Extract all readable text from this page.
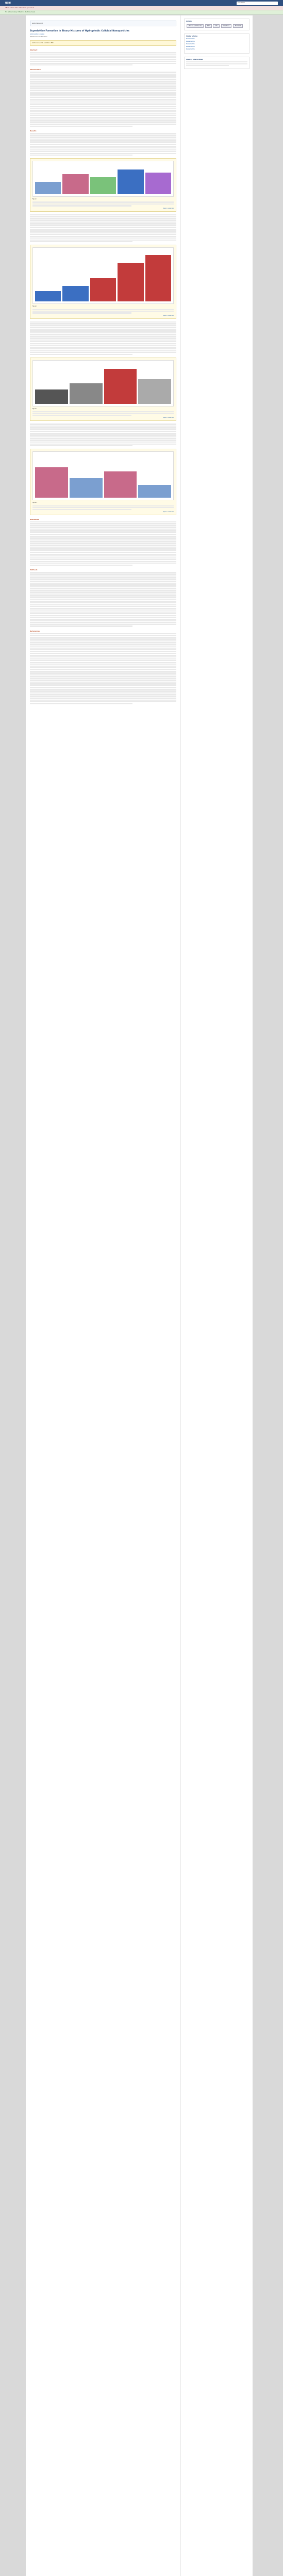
NCBI	Search PMC
Official website of the United States government
The National Library of Medicine (NLM) has moved
Author Manuscript
Superlattice Formation in Binary Mixtures of Hydrophobic Colloidal Nanoparticles
Authors listed in original
Published in final edited form
Author manuscript; available in PMC.
Abstract
Introduction
Results
Figure 1
Open in a new tab
Figure 2
Open in a new tab
Figure 3
Open in a new tab
Figure 4
Open in a new tab
Discussion
Methods
References
Actions
View on publisher site	PDF	Cite	Collections	Permalink
Similar articles
Related article
Related article
Related article
Related article
Related article
Cited by other articles
